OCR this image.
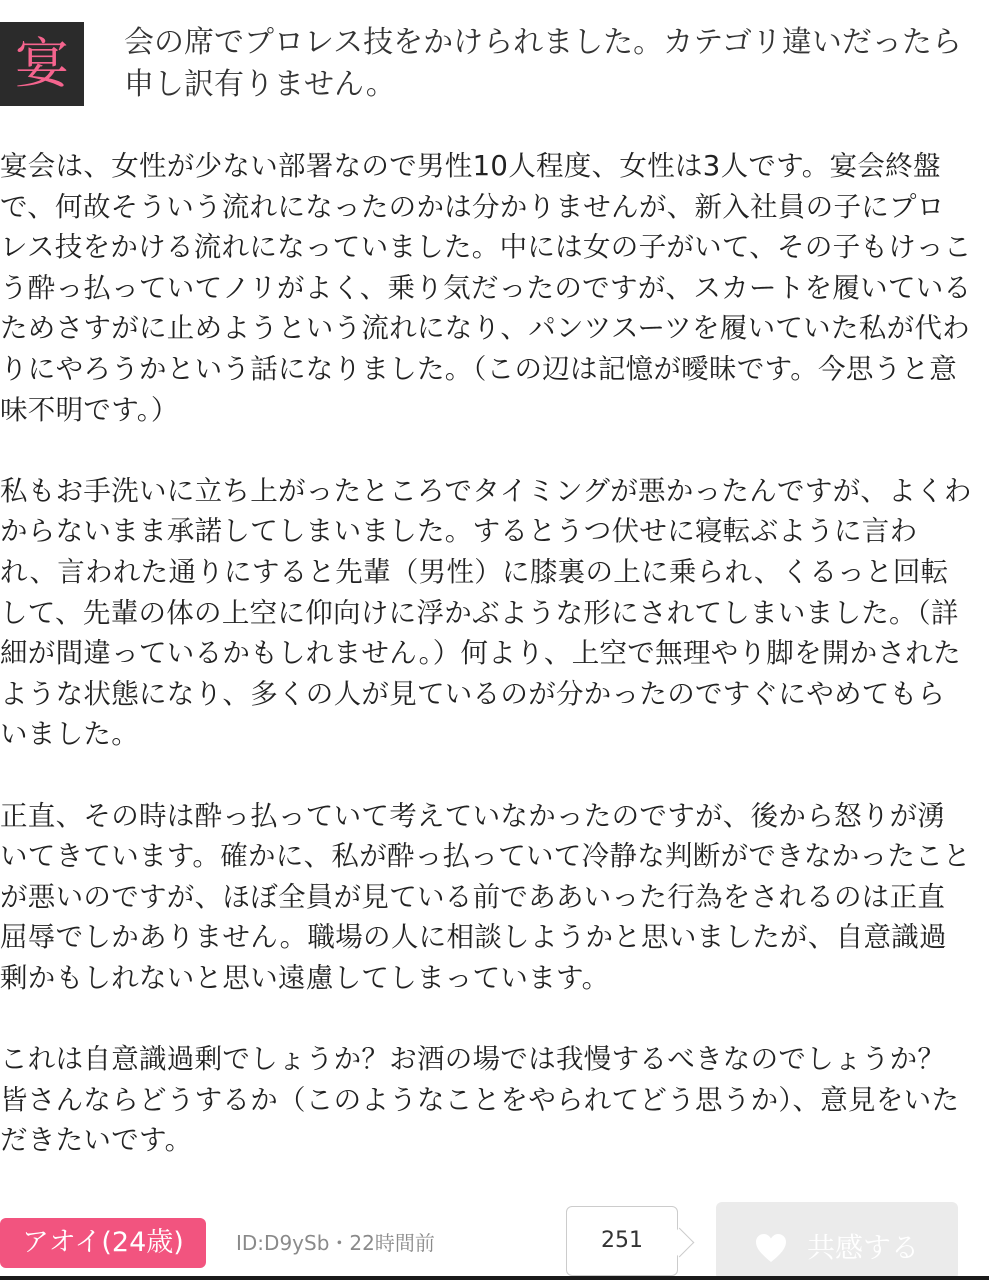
宴	会の席でプロレス技をかけられました。カテゴリ違いだったら
申し訳有りません。
宴会は、女性が少ない部署なので男性10人程度、女性は3人です。宴会終盤で、何故そういう流れになったのかは分かりませんが、新入社員の子にプロレス技をかける流れになっていました。中には女の子がいて、その子もけっこう酔っ払っていてノリがよく、乗り気だったのですが、スカートを履いているためさすがに止めようという流れになり、パンツスーツを履いていた私が代わりにやろうかという話になりました。（この辺は記憶が曖昧です。今思うと意味不明です。）

私もお手洗いに立ち上がったところでタイミングが悪かったんですが、よくわからないまま承諾してしまいました。するとうつ伏せに寝転ぶように言われ、言われた通りにすると先輩（男性）に膝裏の上に乗られ、くるっと回転して、先輩の体の上空に仰向けに浮かぶような形にされてしまいました。（詳細が間違っているかもしれません。）何より、上空で無理やり脚を開かされたような状態になり、多くの人が見ているのが分かったのですぐにやめてもらいました。

正直、その時は酔っ払っていて考えていなかったのですが、後から怒りが湧いてきています。確かに、私が酔っ払っていて冷静な判断ができなかったことが悪いのですが、ほぼ全員が見ている前でああいった行為をされるのは正直屈辱でしかありません。職場の人に相談しようかと思いましたが、自意識過剰かもしれないと思い遠慮してしまっています。

これは自意識過剰でしょうか？お酒の場では我慢するべきなのでしょうか？皆さんならどうするか（このようなことをやられてどう思うか）、意見をいただきたいです。
アオイ(24歳)	ID:D9ySb・22時間前	251	共感する
